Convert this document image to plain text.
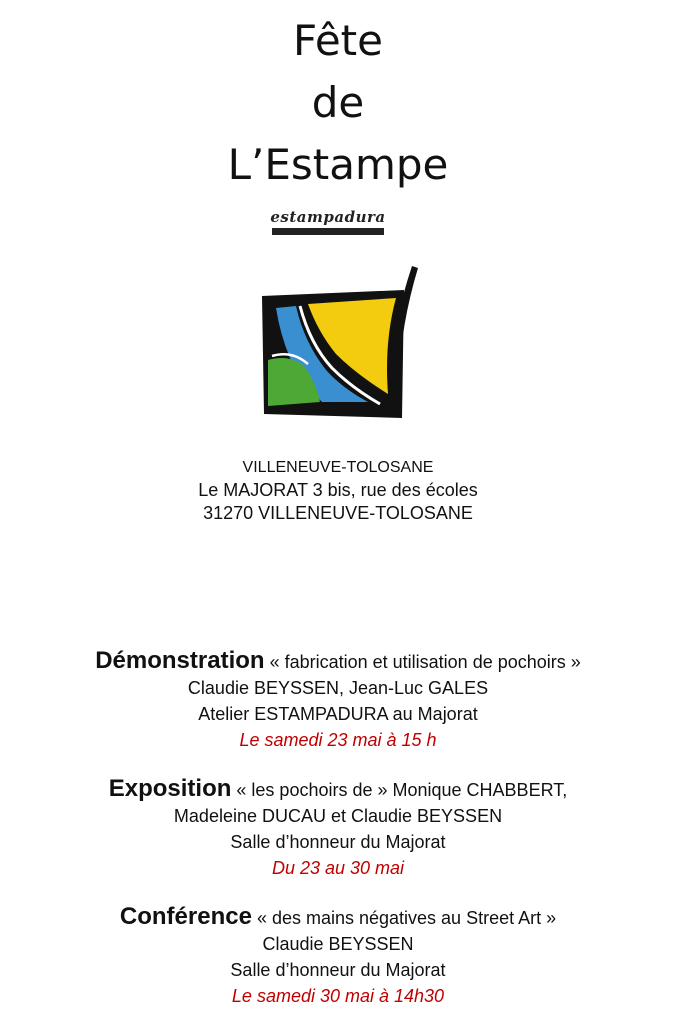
Fête
de
L’Estampe
estampadura
VILLENEUVE-TOLOSANE
Le MAJORAT 3 bis, rue des écoles
31270 VILLENEUVE-TOLOSANE
Démonstration « fabrication et utilisation de pochoirs »
Claudie BEYSSEN, Jean-Luc GALES
Atelier ESTAMPADURA au Majorat
Le samedi 23 mai à 15 h
Exposition « les pochoirs de » Monique CHABBERT,
Madeleine DUCAU et Claudie BEYSSEN
Salle d’honneur du Majorat
Du 23 au 30 mai
Conférence « des mains négatives au Street Art »
Claudie BEYSSEN
Salle d’honneur du Majorat
Le samedi 30 mai à 14h30
